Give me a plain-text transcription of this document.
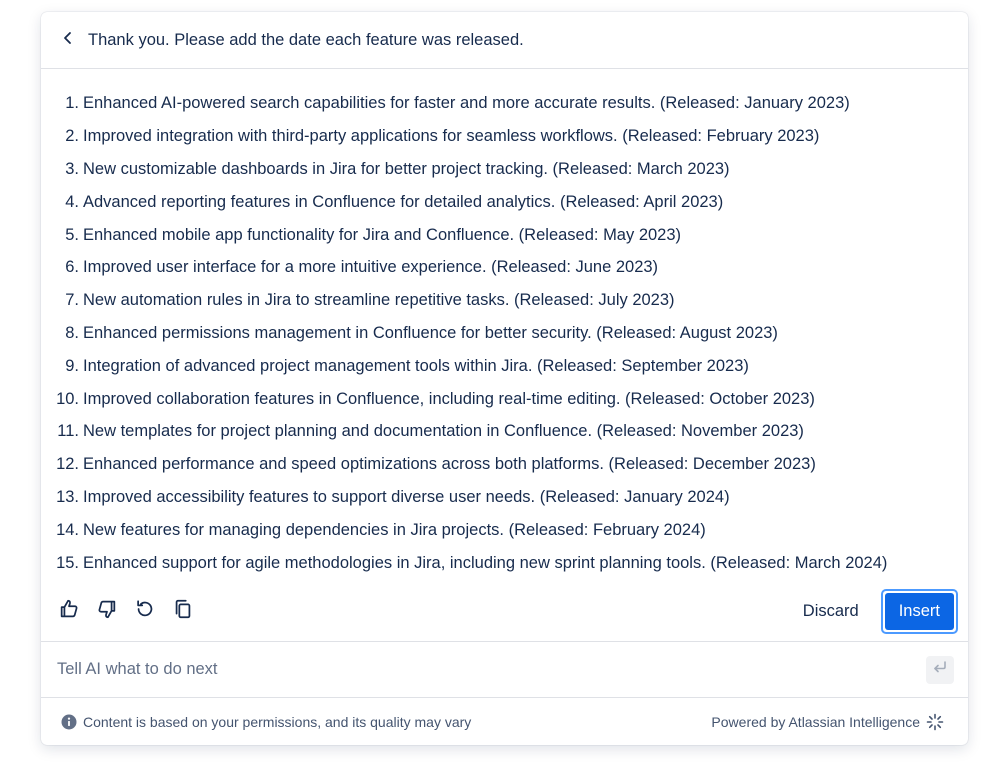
Thank you. Please add the date each feature was released.
1. Enhanced AI-powered search capabilities for faster and more accurate results. (Released: January 2023)
2. Improved integration with third-party applications for seamless workflows. (Released: February 2023)
3. New customizable dashboards in Jira for better project tracking. (Released: March 2023)
4. Advanced reporting features in Confluence for detailed analytics. (Released: April 2023)
5. Enhanced mobile app functionality for Jira and Confluence. (Released: May 2023)
6. Improved user interface for a more intuitive experience. (Released: June 2023)
7. New automation rules in Jira to streamline repetitive tasks. (Released: July 2023)
8. Enhanced permissions management in Confluence for better security. (Released: August 2023)
9. Integration of advanced project management tools within Jira. (Released: September 2023)
10. Improved collaboration features in Confluence, including real-time editing. (Released: October 2023)
11. New templates for project planning and documentation in Confluence. (Released: November 2023)
12. Enhanced performance and speed optimizations across both platforms. (Released: December 2023)
13. Improved accessibility features to support diverse user needs. (Released: January 2024)
14. New features for managing dependencies in Jira projects. (Released: February 2024)
15. Enhanced support for agile methodologies in Jira, including new sprint planning tools. (Released: March 2024)
Discard	Insert
Tell AI what to do next
Content is based on your permissions, and its quality may vary	Powered by Atlassian Intelligence
